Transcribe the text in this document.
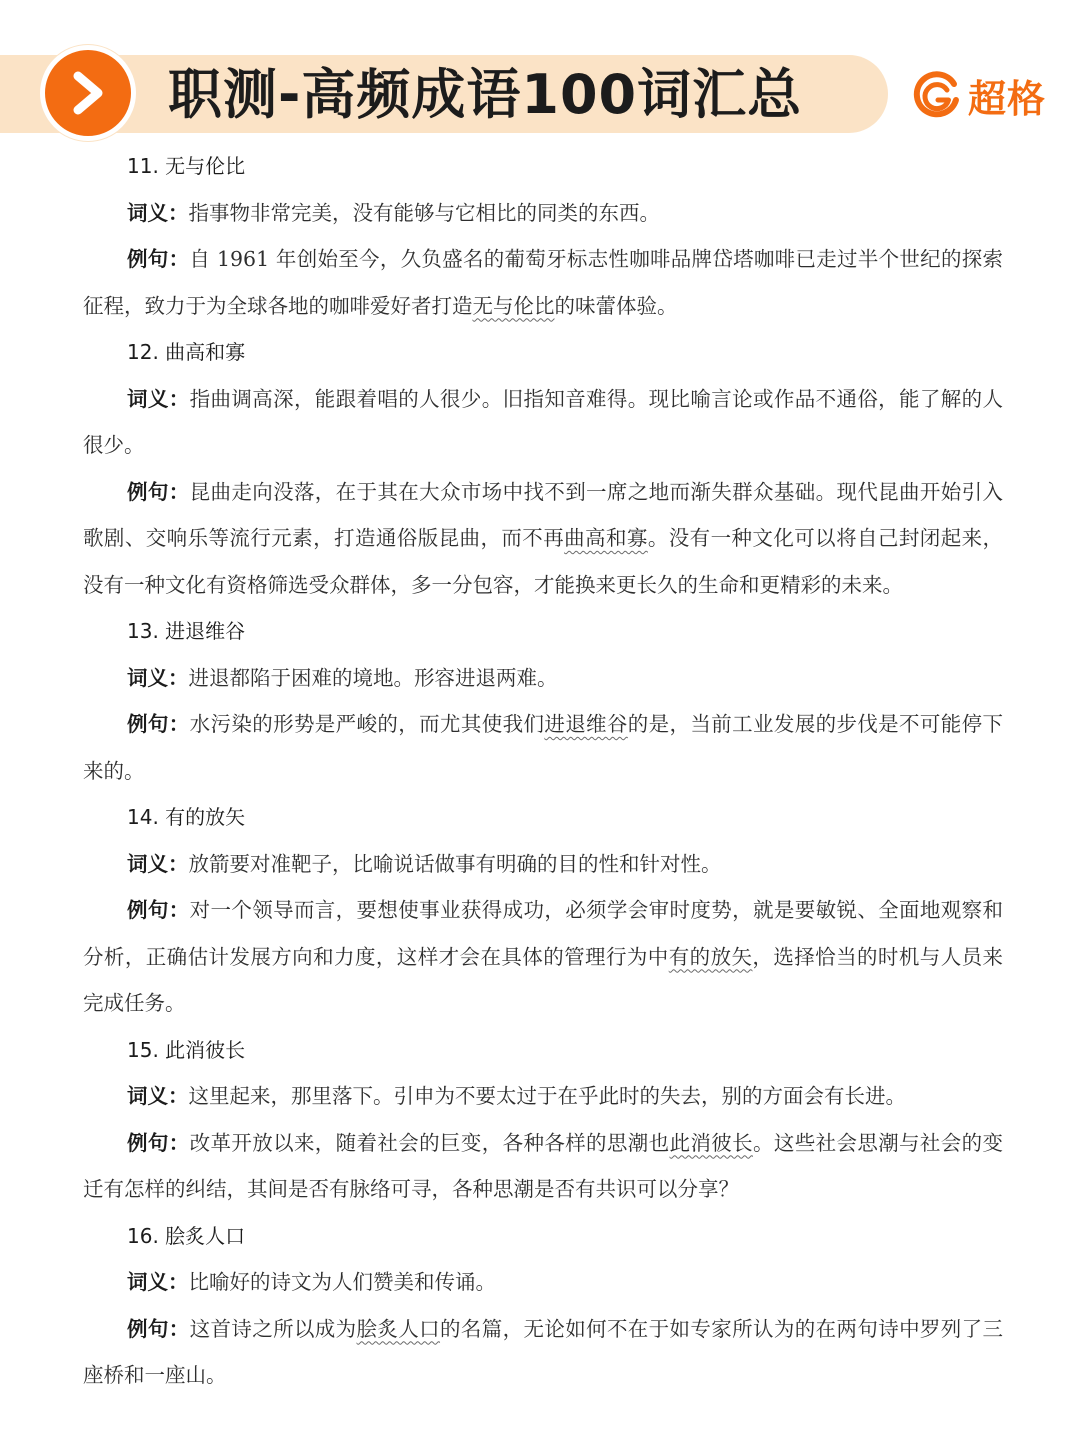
职测-高频成语100词汇总	超格
11. 无与伦比
词义：指事物非常完美，没有能够与它相比的同类的东西。
例句：自 1961 年创始至今，久负盛名的葡萄牙标志性咖啡品牌岱塔咖啡已走过半个世纪的探索征程，致力于为全球各地的咖啡爱好者打造无与伦比的味蕾体验。
12. 曲高和寡
词义：指曲调高深，能跟着唱的人很少。旧指知音难得。现比喻言论或作品不通俗，能了解的人很少。
例句：昆曲走向没落，在于其在大众市场中找不到一席之地而渐失群众基础。现代昆曲开始引入歌剧、交响乐等流行元素，打造通俗版昆曲，而不再曲高和寡。没有一种文化可以将自己封闭起来，没有一种文化有资格筛选受众群体，多一分包容，才能换来更长久的生命和更精彩的未来。
13. 进退维谷
词义：进退都陷于困难的境地。形容进退两难。
例句：水污染的形势是严峻的，而尤其使我们进退维谷的是，当前工业发展的步伐是不可能停下来的。
14. 有的放矢
词义：放箭要对准靶子，比喻说话做事有明确的目的性和针对性。
例句：对一个领导而言，要想使事业获得成功，必须学会审时度势，就是要敏锐、全面地观察和分析，正确估计发展方向和力度，这样才会在具体的管理行为中有的放矢，选择恰当的时机与人员来完成任务。
15. 此消彼长
词义：这里起来，那里落下。引申为不要太过于在乎此时的失去，别的方面会有长进。
例句：改革开放以来，随着社会的巨变，各种各样的思潮也此消彼长。这些社会思潮与社会的变迁有怎样的纠结，其间是否有脉络可寻，各种思潮是否有共识可以分享？
16. 脍炙人口
词义：比喻好的诗文为人们赞美和传诵。
例句：这首诗之所以成为脍炙人口的名篇，无论如何不在于如专家所认为的在两句诗中罗列了三座桥和一座山。
